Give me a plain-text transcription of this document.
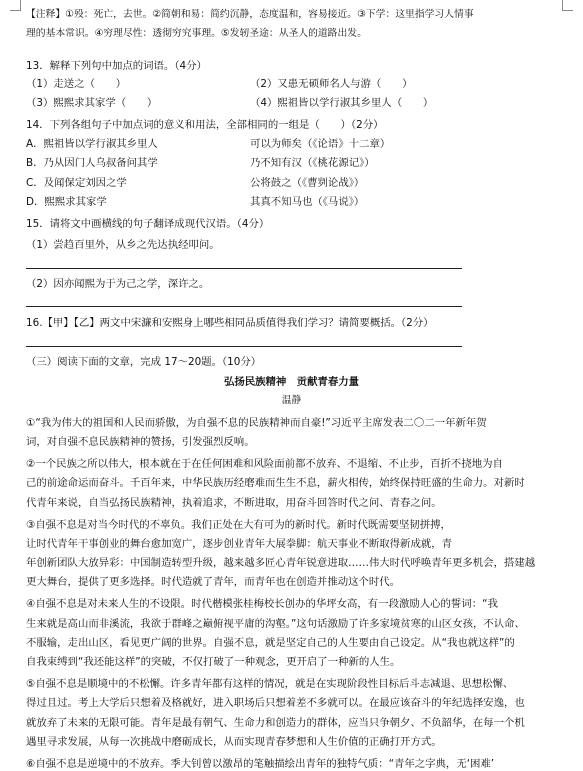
【注释】①殁：死亡，去世。②简朝和易：简约沉静，态度温和，容易接近。③下学：这里指学习人情事
理的基本常识。④穷理尽性：透彻穷究事理。⑤发轫圣途：从圣人的道路出发。
13．解释下列句中加点的词语。（4分）
（1）走送之（　　）	（2）又患无硕师名人与游（　　）
（3）熙熙求其家学（　　）	（4）熙祖皆以学行淑其乡里人（　　）
14．下列各组句子中加点词的意义和用法，全部相同的一组是（　　）（2分）
A．熙祖皆以学行淑其乡里人	可以为师矣（《论语》十二章）
B．乃从因门人乌叔备问其学	乃不知有汉（《桃花源记》）
C．及闻保定刘因之学	公将鼓之（《曹刿论战》）
D．熙熙求其家学	其真不知马也（《马说》）
15．请将文中画横线的句子翻译成现代汉语。（4分）
（1）尝趋百里外，从乡之先达执经叩问。
（2）因亦闻熙为于为己之学，深许之。
16.【甲】【乙】两文中宋濂和安熙身上哪些相同品质值得我们学习？请简要概括。（2分）
（三）阅读下面的文章，完成 17～20题。（10分）
弘扬民族精神　贡献青春力量
温静
①“我为伟大的祖国和人民而骄傲，为自强不息的民族精神而自豪!”习近平主席发表二〇二一年新年贺
词，对自强不息民族精神的赞扬，引发强烈反响。
②一个民族之所以伟大，根本就在于在任何困难和风险面前都不放弃、不退缩、不止步，百折不挠地为自
己的前途命运而奋斗。千百年来，中华民族历经磨难而生生不息，薪火相传，始终保持旺盛的生命力。对新时
代青年来说，自当弘扬民族精神，执着追求，不断进取，用奋斗回答时代之问、青春之问。
③自强不息是对当今时代的不辜负。我们正处在大有可为的新时代。新时代既需要坚韧拼搏，
让时代青年干事创业的舞台愈加宽广，逐步创业青年大展拳脚：航天事业不断取得新成就，青
年创新团队大放异彩：中国制造转型升级，越来越多匠心青年锐意进取……伟大时代呼唤青年更多机会，搭建越
更大舞台，提供了更多选择。时代造就了青年，而青年也在创造并推动这个时代。
④自强不息是对未来人生的不设限。时代楷模张桂梅校长创办的华坪女高，有一段激励人心的誓词：“我
生来就是高山而非溪流，我欲于群峰之巅俯视平庸的沟壑。”这句话激励了许多家境贫寒的山区女孩，不认命、
不服输，走出山区，看见更广阔的世界。自强不息，就是坚定自己的人生要由自己设定。从“我也就这样”的
自我束缚到“我还能这样”的突破，不仅打破了一种观念，更开启了一种新的人生。
⑤自强不息是顺境中的不松懈。许多青年都有这样的情况，就是在实现阶段性目标后斗志减退、思想松懈、
得过且过。考上大学后只想着及格就好，进入职场后只想着差不多就可以。在最应该奋斗的年纪选择安逸，也
就放弃了未来的无限可能。青年是最有朝气、生命力和创造力的群体，应当只争朝夕、不负韶华，在每一个机
遇里寻求发展，从每一次挑战中磨砺成长，从而实现青春梦想和人生价值的正确打开方式。
⑥自强不息是逆境中的不放弃。季大钊曾以激昂的笔触描绘出青年的独特气质：“青年之字典，无‘困难’
